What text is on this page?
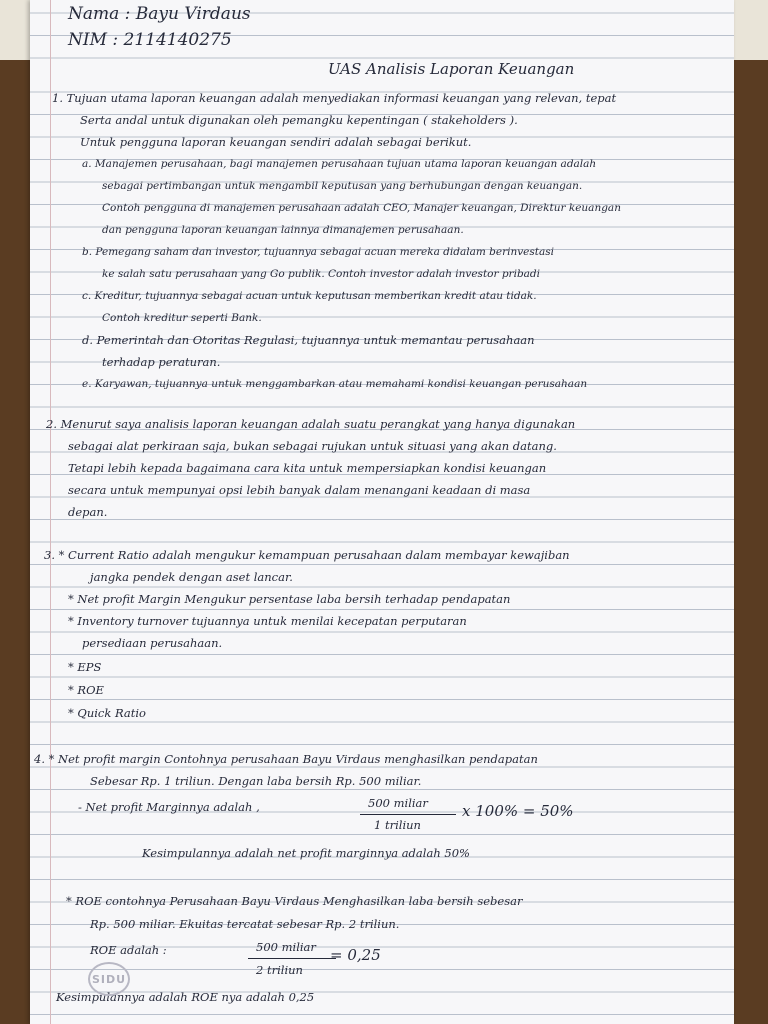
Nama : Bayu Virdaus
NIM : 2114140275
UAS Analisis Laporan Keuangan
1. Tujuan utama laporan keuangan adalah menyediakan informasi keuangan yang relevan, tepat
Serta andal untuk digunakan oleh pemangku kepentingan ( stakeholders ).
Untuk pengguna laporan keuangan sendiri adalah sebagai berikut.
a. Manajemen perusahaan, bagi manajemen perusahaan tujuan utama laporan keuangan adalah
sebagai pertimbangan untuk mengambil keputusan yang berhubungan dengan keuangan.
Contoh pengguna di manajemen perusahaan adalah CEO, Manajer keuangan, Direktur keuangan
dan pengguna laporan keuangan lainnya dimanajemen perusahaan.
b. Pemegang saham dan investor, tujuannya sebagai acuan mereka didalam berinvestasi
ke salah satu perusahaan yang Go publik. Contoh investor adalah investor pribadi
c. Kreditur, tujuannya sebagai acuan untuk keputusan memberikan kredit atau tidak.
Contoh kreditur seperti Bank.
d. Pemerintah dan Otoritas Regulasi, tujuannya untuk memantau perusahaan
terhadap peraturan.
e. Karyawan, tujuannya untuk menggambarkan atau memahami kondisi keuangan perusahaan
2. Menurut saya analisis laporan keuangan adalah suatu perangkat yang hanya digunakan
sebagai alat perkiraan saja, bukan sebagai rujukan untuk situasi yang akan datang.
Tetapi lebih kepada bagaimana cara kita untuk mempersiapkan kondisi keuangan
secara untuk mempunyai opsi lebih banyak dalam menangani keadaan di masa
depan.
3. * Current Ratio adalah mengukur kemampuan perusahaan dalam membayar kewajiban
jangka pendek dengan aset lancar.
* Net profit Margin Mengukur persentase laba bersih terhadap pendapatan
* Inventory turnover tujuannya untuk menilai kecepatan perputaran
persediaan perusahaan.
* EPS
* ROE
* Quick Ratio
4. * Net profit margin Contohnya perusahaan Bayu Virdaus menghasilkan pendapatan
Sebesar Rp. 1 triliun. Dengan laba bersih Rp. 500 miliar.
- Net profit Marginnya adalah ,	500 miliar
1 triliun
x 100% = 50%
Kesimpulannya adalah net profit marginnya adalah 50%
* ROE contohnya Perusahaan Bayu Virdaus Menghasilkan laba bersih sebesar
Rp. 500 miliar. Ekuitas tercatat sebesar Rp. 2 triliun.
ROE adalah :	500 miliar
2 triliun
= 0,25
Kesimpulannya adalah ROE nya adalah 0,25
SIDU
